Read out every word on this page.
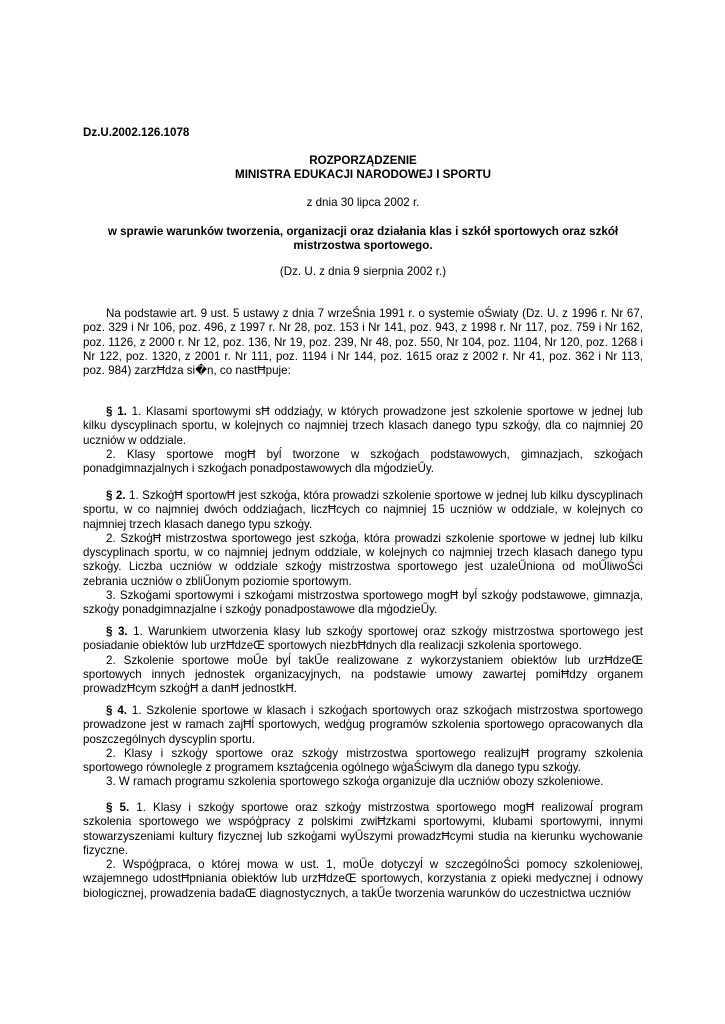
Dz.U.2002.126.1078
ROZPORZĄDZENIE
MINISTRA EDUKACJI NARODOWEJ I SPORTU
z dnia 30 lipca 2002 r.
w sprawie warunków tworzenia, organizacji oraz działania klas i szkół sportowych oraz szkół mistrzostwa sportowego.
(Dz. U. z dnia 9 sierpnia 2002 r.)

Na podstawie art. 9 ust. 5 ustawy z dnia 7 wrzeŚnia 1991 r. o systemie oŚwiaty (Dz. U. z 1996 r. Nr 67, poz. 329 i Nr 106, poz. 496, z 1997 r. Nr 28, poz. 153 i Nr 141, poz. 943, z 1998 r. Nr 117, poz. 759 i Nr 162, poz. 1126, z 2000 r. Nr 12, poz. 136, Nr 19, poz. 239, Nr 48, poz. 550, Nr 104, poz. 1104, Nr 120, poz. 1268 i Nr 122, poz. 1320, z 2001 r. Nr 111, poz. 1194 i Nr 144, poz. 1615 oraz z 2002 r. Nr 41, poz. 362 i Nr 113, poz. 984) zarzĦdza si�n, co nastĦpuje:

§ 1. 1. Klasami sportowymi sĦ oddziaģy, w których prowadzone jest szkolenie sportowe w jednej lub kilku dyscyplinach sportu, w kolejnych co najmniej trzech klasach danego typu szkoģy, dla co najmniej 20 uczniów w oddziale.

2. Klasy sportowe mogĦ byĺ tworzone w szkoģach podstawowych, gimnazjach, szkoģach ponadgimnazjalnych i szkoģach ponadpostawowych dla mģodzieŰy.

§ 2. 1. SzkoģĦ sportowĦ jest szkoģa, która prowadzi szkolenie sportowe w jednej lub kilku dyscyplinach sportu, w co najmniej dwóch oddziaģach, liczĦcych co najmniej 15 uczniów w oddziale, w kolejnych co najmniej trzech klasach danego typu szkoģy.

2. SzkoģĦ mistrzostwa sportowego jest szkoģa, która prowadzi szkolenie sportowe w jednej lub kilku dyscyplinach sportu, w co najmniej jednym oddziale, w kolejnych co najmniej trzech klasach danego typu szkoģy. Liczba uczniów w oddziale szkoģy mistrzostwa sportowego jest uzaleŰniona od moŰliwoŚci zebrania uczniów o zbliŰonym poziomie sportowym.

3. Szkoģami sportowymi i szkoģami mistrzostwa sportowego mogĦ byĺ szkoģy podstawowe, gimnazja, szkoģy ponadgimnazjalne i szkoģy ponadpostawowe dla mģodzieŰy.

§ 3. 1. Warunkiem utworzenia klasy lub szkoģy sportowej oraz szkoģy mistrzostwa sportowego jest posiadanie obiektów lub urzĦdzeŒ sportowych niezbĦdnych dla realizacji szkolenia sportowego.

2. Szkolenie sportowe moŰe byĺ takŰe realizowane z wykorzystaniem obiektów lub urzĦdzeŒ sportowych innych jednostek organizacyjnych, na podstawie umowy zawartej pomiĦdzy organem prowadzĦcym szkoģĦ a danĦ jednostkĦ.

§ 4. 1. Szkolenie sportowe w klasach i szkoģach sportowych oraz szkoģach mistrzostwa sportowego prowadzone jest w ramach zajĦĺ sportowych, wedģug programów szkolenia sportowego opracowanych dla poszczególnych dyscyplin sportu.

2. Klasy i szkoģy sportowe oraz szkoģy mistrzostwa sportowego realizujĦ programy szkolenia sportowego równolegle z programem ksztaģcenia ogólnego wģaŚciwym dla danego typu szkoģy.

3. W ramach programu szkolenia sportowego szkoģa organizuje dla uczniów obozy szkoleniowe.

§ 5. 1. Klasy i szkoģy sportowe oraz szkoģy mistrzostwa sportowego mogĦ realizowaĺ program szkolenia sportowego we wspóģpracy z polskimi zwiĦzkami sportowymi, klubami sportowymi, innymi stowarzyszeniami kultury fizycznej lub szkoģami wyŰszymi prowadzĦcymi studia na kierunku wychowanie fizyczne.

2. Wspóģpraca, o której mowa w ust. 1, moŰe dotyczyĺ w szczególnoŚci pomocy szkoleniowej, wzajemnego udostĦpniania obiektów lub urzĦdzeŒ sportowych, korzystania z opieki medycznej i odnowy biologicznej, prowadzenia badaŒ diagnostycznych, a takŰe tworzenia warunków do uczestnictwa uczniów
